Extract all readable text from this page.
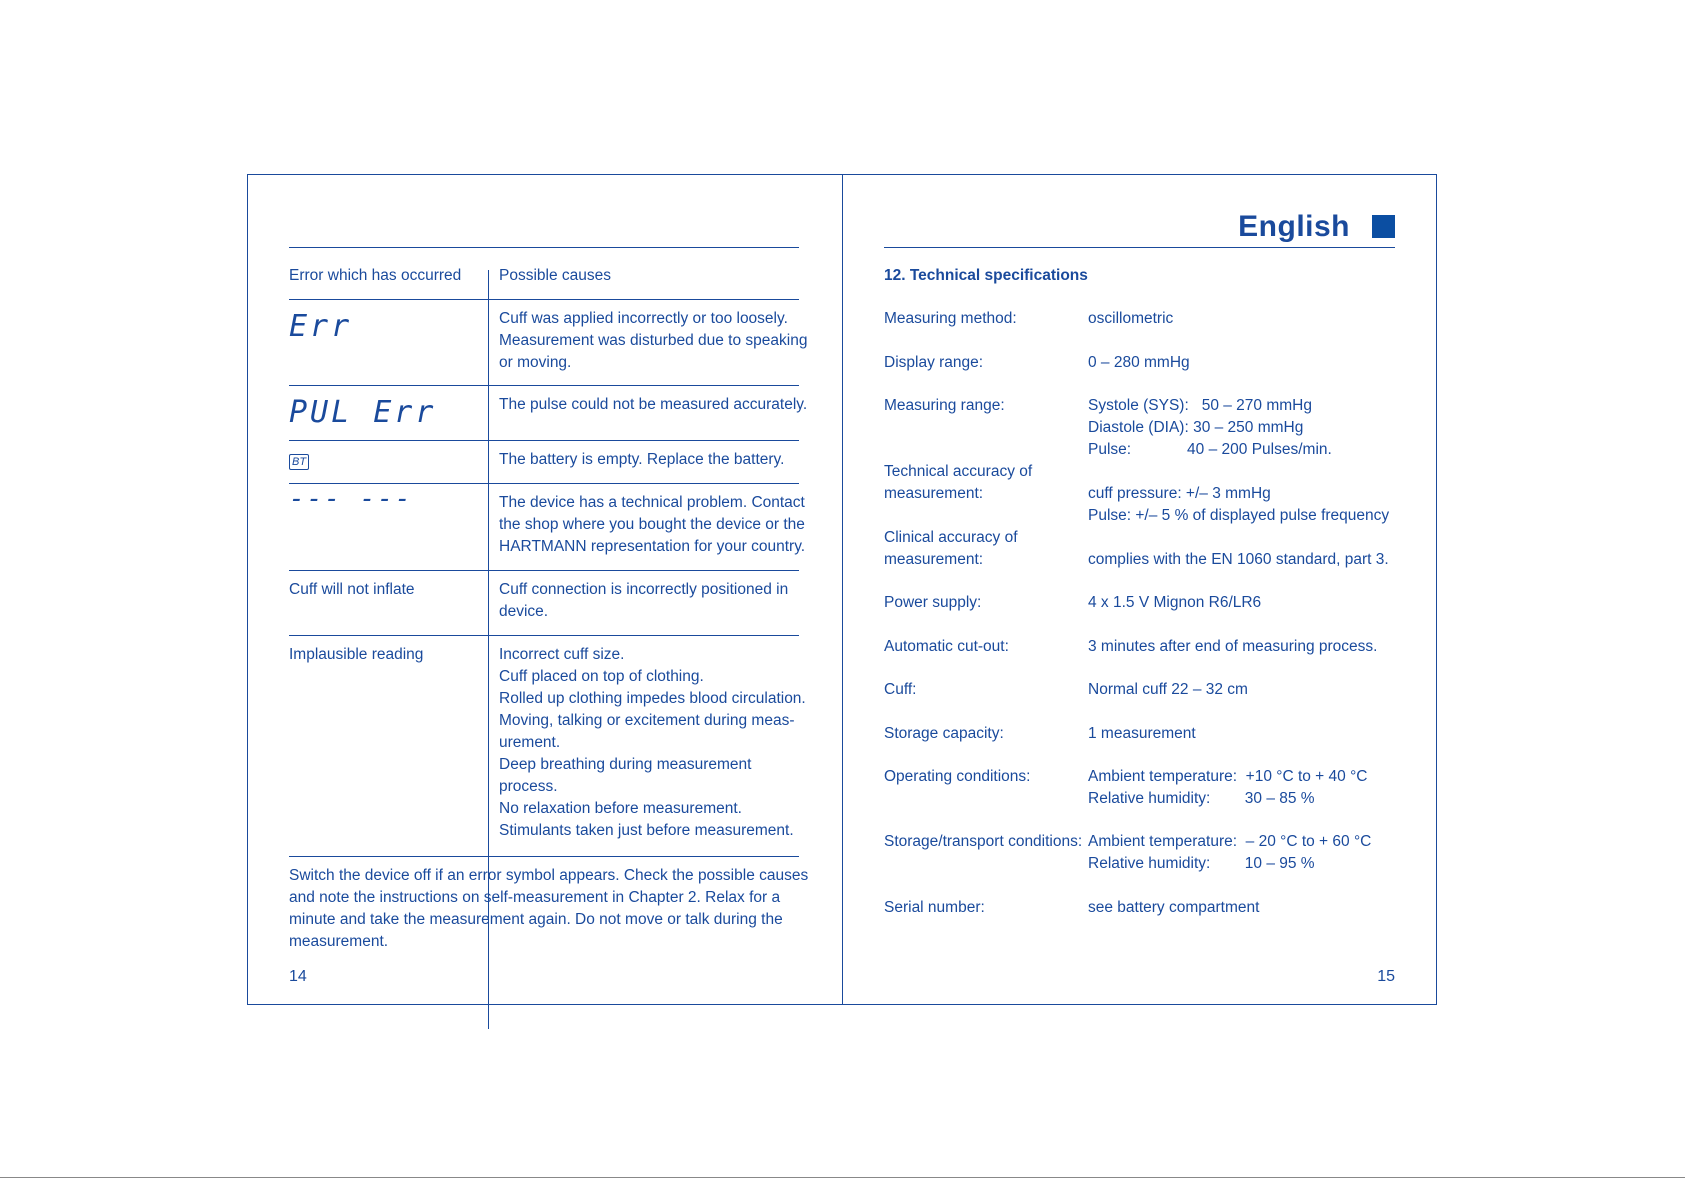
Error which has occurred Possible causes
Err	Cuff was applied incorrectly or too loosely.
Measurement was disturbed due to speaking
or moving.
PUL Err	The pulse could not be measured accurately.
BT	The battery is empty. Replace the battery.
--- ---	The device has a technical problem. Contact
the shop where you bought the device or the
HARTMANN representation for your country.
Cuff will not inflate	Cuff connection is incorrectly positioned in
device.
Implausible reading	Incorrect cuff size.
Cuff placed on top of clothing.
Rolled up clothing impedes blood circulation.
Moving, talking or excitement during meas-
urement.
Deep breathing during measurement
process.
No relaxation before measurement.
Stimulants taken just before measurement.
Switch the device off if an error symbol appears. Check the possible causes
and note the instructions on self-measurement in Chapter 2. Relax for a
minute and take the measurement again. Do not move or talk during the
measurement.
14
English
12. Technical specifications
Measuring method:	oscillometric
Display range:	0 – 280 mmHg
Measuring range:	Systole (SYS):   50 – 270 mmHg
Diastole (DIA): 30 – 250 mmHg
Pulse:             40 – 200 Pulses/min.
Technical accuracy of
measurement:	cuff pressure: +/– 3 mmHg
Pulse: +/– 5 % of displayed pulse frequency
Clinical accuracy of
measurement:	complies with the EN 1060 standard, part 3.
Power supply:	4 x 1.5 V Mignon R6/LR6
Automatic cut-out:	3 minutes after end of measuring process.
Cuff:	Normal cuff 22 – 32 cm
Storage capacity:	1 measurement
Operating conditions:	Ambient temperature:  +10 °C to + 40 °C
Relative humidity:        30 – 85 %
Storage/transport conditions: Ambient temperature:  – 20 °C to + 60 °C
Relative humidity:        10 – 95 %
Serial number:	see battery compartment
15
